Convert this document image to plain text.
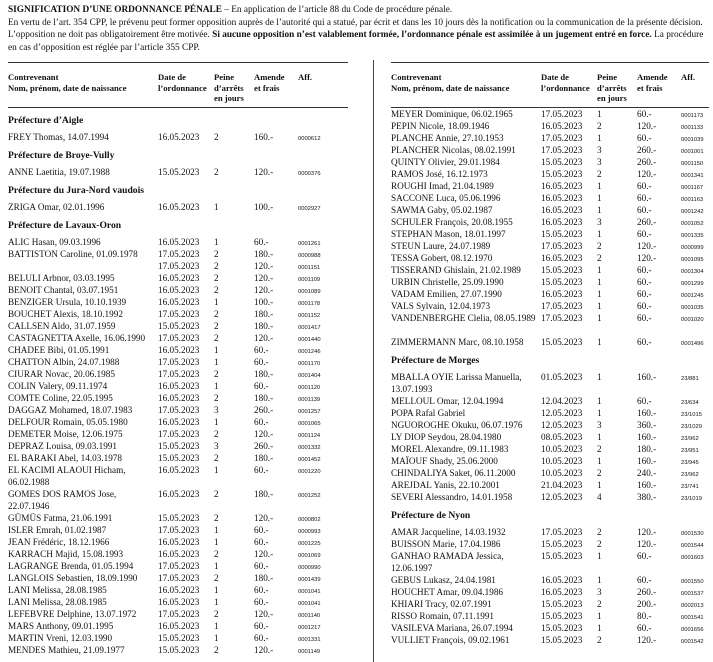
SIGNIFICATION D’UNE ORDONNANCE PÉNALE – En application de l’article 88 du Code de procédure pénale.
En vertu de l’art. 354 CPP, le prévenu peut former opposition auprès de l’autorité qui a statué, par écrit et dans les 10 jours dès la notification ou la communication de la présente décision. L’opposition ne doit pas obligatoirement être motivée. Si aucune opposition n’est valablement formée, l’ordonnance pénale est assimilée à un jugement entré en force. La procédure en cas d’opposition est réglée par l’article 355 CPP.
Contrevenant
Nom, prénom, date de naissance
Date de
l’ordonnance
Peine
d’arrêts
en jours
Amende
et frais
Aff.
Préfecture d’Aigle
FREY Thomas, 14.07.1994	16.05.2023 2	160.-	0000612
Préfecture de Broye-Vully
ANNE Laetitia, 19.07.1988	15.05.2023 2	120.-	0000376
Préfecture du Jura-Nord vaudois
ZRIGA Omar, 02.01.1996	16.05.2023 1	100.-	0002927
Préfecture de Lavaux-Oron
ALIC Hasan, 09.03.1996	16.05.2023 1	60.-	0001261
BATTISTON Caroline, 01.09.1978	17.05.2023 2	180.-	0000988
17.05.2023 2	120.-	0001151
BELULI Arbnor, 03.03.1995	16.05.2023 2	120.-	0001109
BENOIT Chantal, 03.07.1951	16.05.2023 2	120.-	0001089
BENZIGER Ursula, 10.10.1939	16.05.2023 1	100.-	0001178
BOUCHET Alexis, 18.10.1992	17.05.2023 2	180.-	0001152
CALLSEN Aldo, 31.07.1959	15.05.2023 2	180.-	0001417
CASTAGNETTA Axelle, 16.06.1990	17.05.2023 2	120.-	0001440
CHADEE Bibi, 01.05.1991	16.05.2023 1	60.-	0001246
CHATTON Albin, 24.07.1988	17.05.2023 1	60.-	0001170
CIURAR Novac, 20.06.1985	17.05.2023 2	180.-	0001404
COLIN Valery, 09.11.1974	16.05.2023 1	60.-	0001120
COMTE Coline, 22.05.1995	16.05.2023 2	180.-	0001139
DAGGAZ Mohamed, 18.07.1983	17.05.2023 3	260.-	0001257
DELFOUR Romain, 05.05.1980	16.05.2023 1	60.-	0001065
DEMETER Moise, 12.06.1975	17.05.2023 2	120.-	0001124
DEPRAZ Louisa, 09.03.1991	15.05.2023 3	260.-	0001332
EL BARAKI Abel, 14.03.1978	15.05.2023 2	180.-	0001452
EL KACIMI ALAOUI Hicham, 06.02.1988
16.05.2023 1	60.-	0001220
GOMES DOS RAMOS Jose, 22.07.1946
16.05.2023 2	180.-	0001252
GÜMÜS Fatma, 21.06.1991	15.05.2023 2	120.-	0000802
ISLER Emrah, 01.02.1987	17.05.2023 1	60.-	0000993
JEAN Frédéric, 18.12.1966	16.05.2023 1	60.-	0001225
KARRACH Majid, 15.08.1993	16.05.2023 2	120.-	0001069
LAGRANGE Brenda, 01.05.1994	17.05.2023 1	60.-	0000990
LANGLOIS Sebastien, 18.09.1990	17.05.2023 2	180.-	0001439
LANI Melissa, 28.08.1985	16.05.2023 1	60.-	0001041
LANI Melissa, 28.08.1985	16.05.2023 1	60.-	0001041
LEFEBVRE Delphine, 13.07.1972	17.05.2023 2	120.-	0001140
MARS Anthony, 09.01.1995	16.05.2023 1	60.-	0001217
MARTIN Vreni, 12.03.1990	15.05.2023 1	60.-	0001331
MENDES Mathieu, 21.09.1977	15.05.2023 2	120.-	0001149
Contrevenant
Nom, prénom, date de naissance
Date de
l’ordonnance
Peine
d’arrêts
en jours
Amende
et frais
Aff.
MEYER Dominique, 06.02.1965	17.05.2023 1	60.-	0001173
PEPIN Nicole, 18.09.1946	16.05.2023 2	120.-	0001133
PLANCHE Annie, 27.10.1953	17.05.2023 1	60.-	0001039
PLANCHER Nicolas, 08.02.1991	17.05.2023 3	260.-	0001001
QUINTY Olivier, 29.01.1984	15.05.2023 3	260.-	0001150
RAMOS José, 16.12.1973	15.05.2023 2	120.-	0001341
ROUGHI Imad, 21.04.1989	16.05.2023 1	60.-	0001167
SACCONE Luca, 05.06.1996	16.05.2023 1	60.-	0001163
SAWMA Gaby, 05.02.1987	16.05.2023 1	60.-	0001242
SCHULER François, 20.08.1955	16.05.2023 3	260.-	0001052
STEPHAN Mason, 18.01.1997	15.05.2023 1	60.-	0001335
STEUN Laure, 24.07.1989	17.05.2023 2	120.-	0000999
TESSA Gobert, 08.12.1970	16.05.2023 2	120.-	0001095
TISSERAND Ghislain, 21.02.1989	15.05.2023 1	60.-	0001304
URBIN Christelle, 25.09.1990	15.05.2023 1	60.-	0001299
VADAM Emilien, 27.07.1990	16.05.2023 1	60.-	0001245
VALS Sylvain, 12.04.1973	17.05.2023 1	60.-	0001035
VANDENBERGHE Clelia, 08.05.1989 17.05.2023 1	60.-	0001020
ZIMMERMANN Marc, 08.10.1958	15.05.2023 1	60.-	0001496
Préfecture de Morges
MBALLA OYIE Larissa Manuella, 13.07.1993
01.05.2023 1	160.-	23/881
MELLOUL Omar, 12.04.1994	12.04.2023 1	60.-	23/634
POPA Rafal Gabriel	12.05.2023 1	160.-	23/1015
NGUOROGHE Okuku, 06.07.1976	12.05.2023 3	360.-	23/1029
LY DIOP Seydou, 28.04.1980	08.05.2023 1	160.-	23/962
MOREL Alexandre, 09.11.1983	10.05.2023 2	180.-	23/951
MAÏOUF Shady, 25.06.2000	10.05.2023 1	160.-	23/945
CHINDALIYA Saket, 06.11.2000	10.05.2023 2	240.-	23/962
AREJDAL Yanis, 22.10.2001	21.04.2023 1	160.-	23/741
SEVERI Alessandro, 14.01.1958	12.05.2023 4	380.-	23/1019
Préfecture de Nyon
AMAR Jacqueline, 14.03.1932	17.05.2023 2	120.-	0001530
BUISSON Marie, 17.04.1986	15.05.2023 2	120.-	0001544
GANHAO RAMADA Jessica, 12.06.1997
15.05.2023 1	60.-	0001603
GEBUS Lukasz, 24.04.1981	16.05.2023 1	60.-	0001550
HOUCHET Amar, 09.04.1986	16.05.2023 3	260.-	0001537
KHIARI Tracy, 02.07.1991	15.05.2023 2	200.-	0002013
RISSO Romain, 07.11.1991	15.05.2023 1	80.-	0001541
VASILEVA Mariana, 26.07.1994	15.05.2023 1	60.-	0001656
VULLIET François, 09.02.1961	15.05.2023 2	120.-	0001542
